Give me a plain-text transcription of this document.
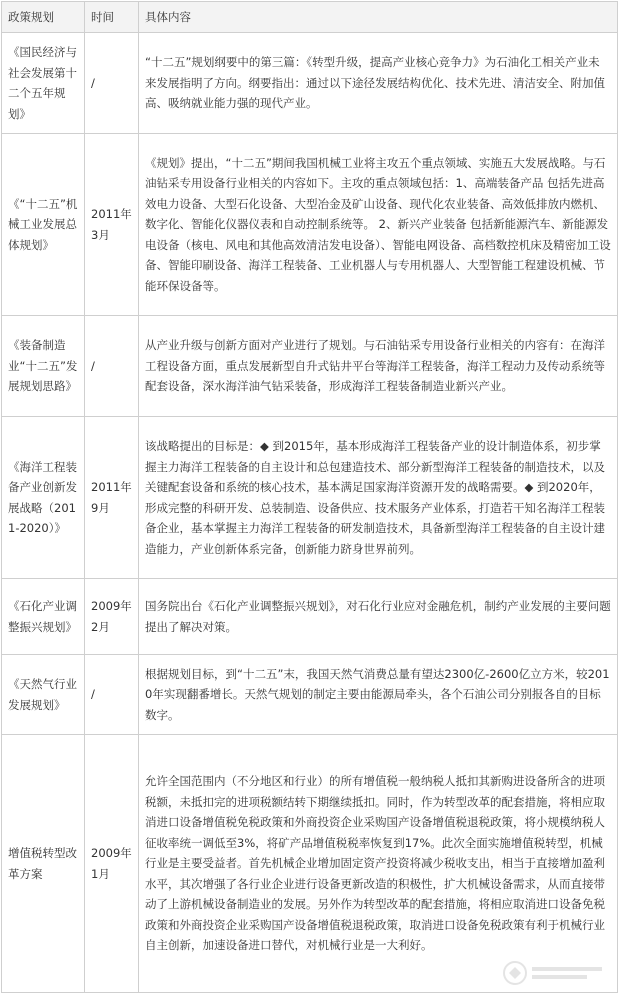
政策规划	时间	具体内容
《国民经济与社会发展第十二个五年规划》	/	“十二五”规划纲要中的第三篇：《转型升级，提高产业核心竞争力》为石油化工相关产业未来发展指明了方向。纲要指出：通过以下途径发展结构优化、技术先进、清洁安全、附加值高、吸纳就业能力强的现代产业。
《“十二五”机械工业发展总体规划》	2011年3月	《规划》提出，“十二五”期间我国机械工业将主攻五个重点领域、实施五大发展战略。与石油钻采专用设备行业相关的内容如下。主攻的重点领域包括：1、高端装备产品 包括先进高效电力设备、大型石化设备、大型冶金及矿山设备、现代化农业装备、高效低排放内燃机、数字化、智能化仪器仪表和自动控制系统等。 2、新兴产业装备 包括新能源汽车、新能源发电设备（核电、风电和其他高效清洁发电设备）、智能电网设备、高档数控机床及精密加工设备、智能印刷设备、海洋工程装备、工业机器人与专用机器人、大型智能工程建设机械、节能环保设备等。
《装备制造业“十二五”发展规划思路》	/	从产业升级与创新方面对产业进行了规划。与石油钻采专用设备行业相关的内容有：在海洋工程设备方面，重点发展新型自升式钻井平台等海洋工程装备，海洋工程动力及传动系统等配套设备，深水海洋油气钻采装备，形成海洋工程装备制造业新兴产业。
《海洋工程装备产业创新发展战略（2011-2020）》	2011年9月	该战略提出的目标是：◆ 到2015年，基本形成海洋工程装备产业的设计制造体系，初步掌握主力海洋工程装备的自主设计和总包建造技术、部分新型海洋工程装备的制造技术，以及关键配套设备和系统的核心技术，基本满足国家海洋资源开发的战略需要。◆ 到2020年，形成完整的科研开发、总装制造、设备供应、技术服务产业体系，打造若干知名海洋工程装备企业，基本掌握主力海洋工程装备的研发制造技术，具备新型海洋工程装备的自主设计建造能力，产业创新体系完备，创新能力跻身世界前列。
《石化产业调整振兴规划》	2009年2月	国务院出台《石化产业调整振兴规划》，对石化行业应对金融危机，制约产业发展的主要问题提出了解决对策。
《天然气行业发展规划》	/	根据规划目标，到“十二五”末，我国天然气消费总量有望达2300亿-2600亿立方米，较2010年实现翻番增长。天然气规划的制定主要由能源局牵头，各个石油公司分别报各自的目标数字。
增值税转型改革方案	2009年1月	允许全国范围内（不分地区和行业）的所有增值税一般纳税人抵扣其新购进设备所含的进项税额，未抵扣完的进项税额结转下期继续抵扣。同时，作为转型改革的配套措施，将相应取消进口设备增值税免税政策和外商投资企业采购国产设备增值税退税政策，将小规模纳税人征收率统一调低至3%，将矿产品增值税税率恢复到17%。此次全面实施增值税转型，机械行业是主要受益者。首先机械企业增加固定资产投资将减少税收支出，相当于直接增加盈利水平，其次增强了各行业企业进行设备更新改造的积极性，扩大机械设备需求，从而直接带动了上游机械设备制造业的发展。另外作为转型改革的配套措施，将相应取消进口设备免税政策和外商投资企业采购国产设备增值税退税政策，取消进口设备免税政策有利于机械行业自主创新，加速设备进口替代，对机械行业是一大利好。
